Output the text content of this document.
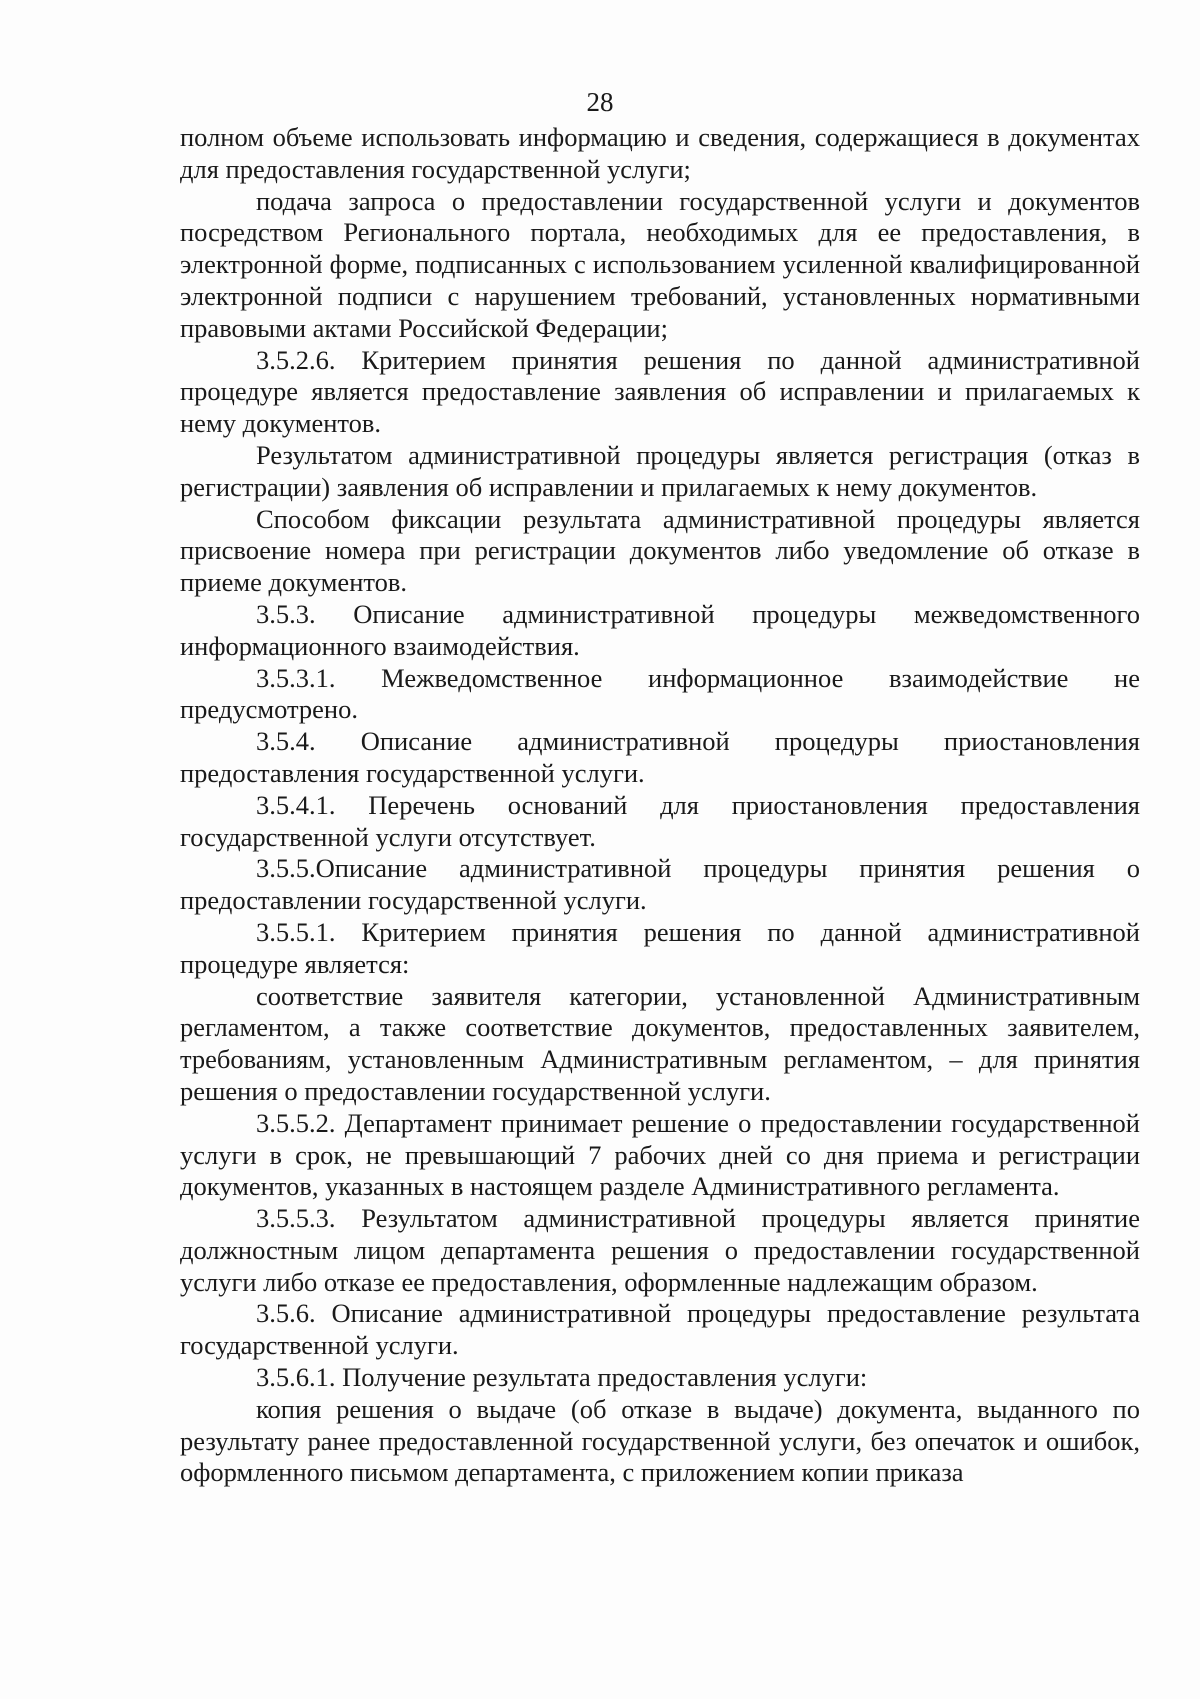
28

полном объеме использовать информацию и сведения, содержащиеся в документах для предоставления государственной услуги;

подача запроса о предоставлении государственной услуги и документов посредством Регионального портала, необходимых для ее предоставления, в электронной форме, подписанных с использованием усиленной квалифицированной электронной подписи с нарушением требований, установленных нормативными правовыми актами Российской Федерации;

3.5.2.6. Критерием принятия решения по данной административной процедуре является предоставление заявления об исправлении и прилагаемых к нему документов.

Результатом административной процедуры является регистрация (отказ в регистрации) заявления об исправлении и прилагаемых к нему документов.

Способом фиксации результата административной процедуры является присвоение номера при регистрации документов либо уведомление об отказе в приеме документов.

3.5.3. Описание административной процедуры межведомственного информационного взаимодействия.

3.5.3.1. Межведомственное информационное взаимодействие не предусмотрено.

3.5.4. Описание административной процедуры приостановления предоставления государственной услуги.

3.5.4.1. Перечень оснований для приостановления предоставления государственной услуги отсутствует.

3.5.5.Описание административной процедуры принятия решения о предоставлении государственной услуги.

3.5.5.1. Критерием принятия решения по данной административной процедуре является:

соответствие заявителя категории, установленной Административным регламентом, а также соответствие документов, предоставленных заявителем, требованиям, установленным Административным регламентом, – для принятия решения о предоставлении государственной услуги.

3.5.5.2. Департамент принимает решение о предоставлении государственной услуги в срок, не превышающий 7 рабочих дней со дня приема и регистрации документов, указанных в настоящем разделе Административного регламента.

3.5.5.3. Результатом административной процедуры является принятие должностным лицом департамента решения о предоставлении государственной услуги либо отказе ее предоставления, оформленные надлежащим образом.

3.5.6. Описание административной процедуры предоставление результата государственной услуги.

3.5.6.1. Получение результата предоставления услуги:

копия решения о выдаче (об отказе в выдаче) документа, выданного по результату ранее предоставленной государственной услуги, без опечаток и ошибок, оформленного письмом департамента, с приложением копии приказа
